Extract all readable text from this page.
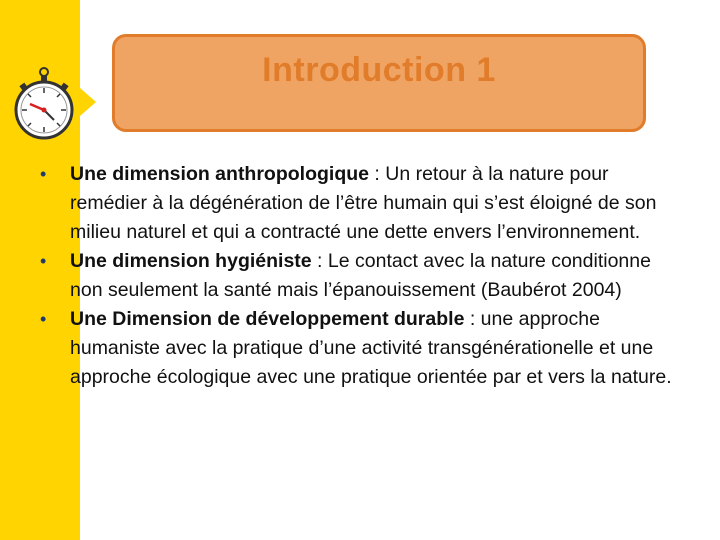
Introduction 1

• Une dimension anthropologique : Un retour à la nature pour remédier à la dégénération de l’être humain qui s’est éloigné de son milieu naturel et qui a contracté une dette envers l’environnement.

• Une dimension hygiéniste : Le contact avec la nature conditionne non seulement la santé mais l’épanouissement (Baubérot 2004)

• Une Dimension de développement durable : une approche humaniste avec la pratique d’une activité transgénérationelle et une approche écologique avec une pratique orientée par et vers la nature.
